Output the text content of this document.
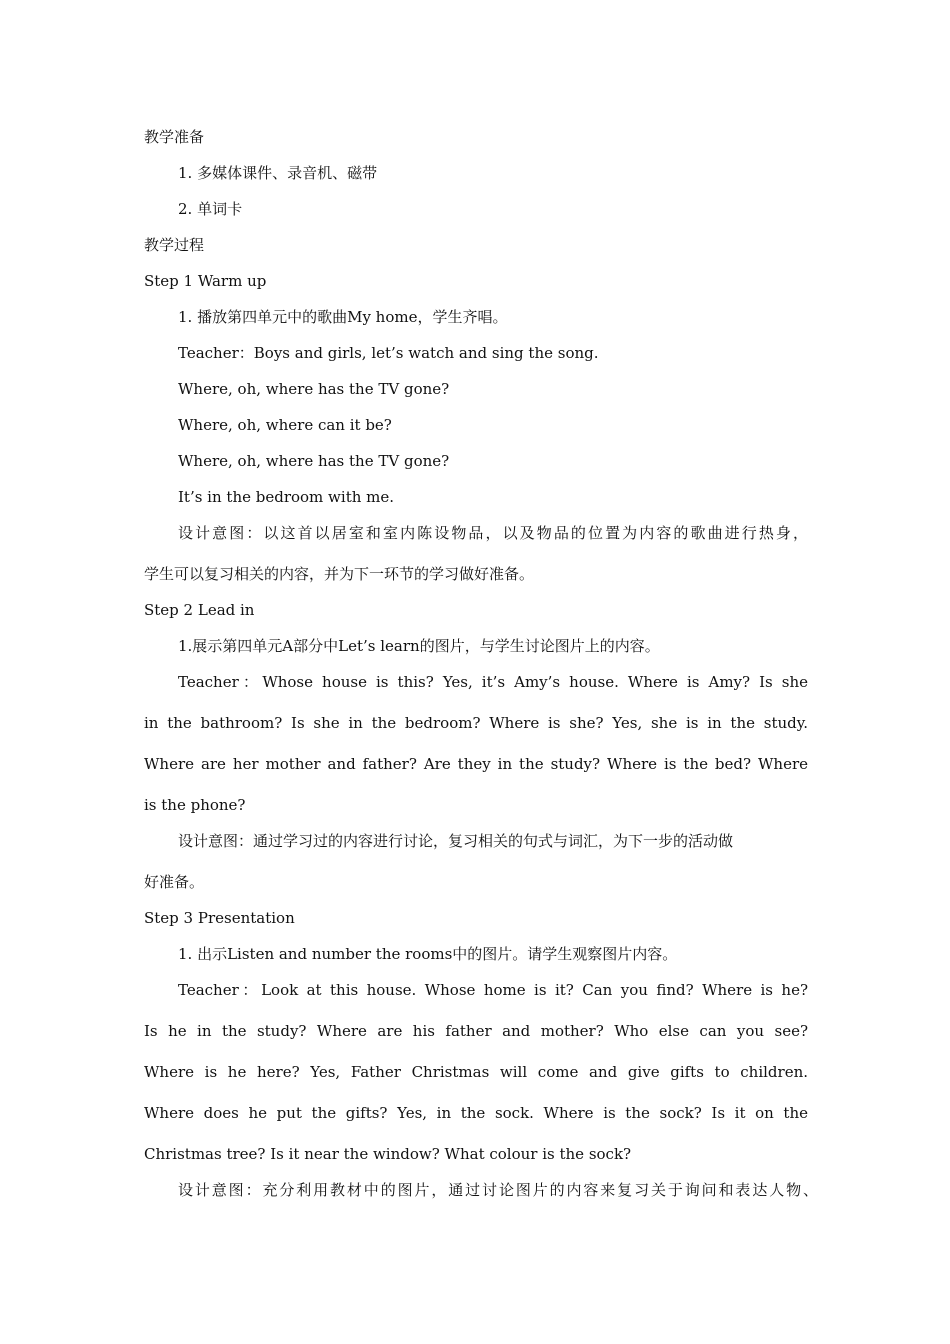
教学准备
1. 多媒体课件、录音机、磁带
2. 单词卡
教学过程
Step 1 Warm up
1. 播放第四单元中的歌曲My home，学生齐唱。
Teacher：Boys and girls, let’s watch and sing the song.
Where, oh, where has the TV gone?
Where, oh, where can it be?
Where, oh, where has the TV gone?
It’s in the bedroom with me.
设计意图：以这首以居室和室内陈设物品，以及物品的位置为内容的歌曲进行热身，
学生可以复习相关的内容，并为下一环节的学习做好准备。
Step 2 Lead in
1.展示第四单元A部分中Let’s learn的图片，与学生讨论图片上的内容。
Teacher：Whose house is this? Yes, it’s Amy’s house. Where is Amy? Is she
in the bathroom? Is she in the bedroom? Where is she? Yes, she is in the study.
Where are her mother and father? Are they in the study? Where is the bed? Where
is the phone?
设计意图：通过学习过的内容进行讨论，复习相关的句式与词汇，为下一步的活动做
好准备。
Step 3 Presentation
1. 出示Listen and number the rooms中的图片。请学生观察图片内容。
Teacher：Look at this house. Whose home is it? Can you find? Where is he?
Is he in the study? Where are his father and mother? Who else can you see?
Where is he here? Yes, Father Christmas will come and give gifts to children.
Where does he put the gifts? Yes, in the sock. Where is the sock? Is it on the
Christmas tree? Is it near the window? What colour is the sock?
设计意图：充分利用教材中的图片，通过讨论图片的内容来复习关于询问和表达人物、
